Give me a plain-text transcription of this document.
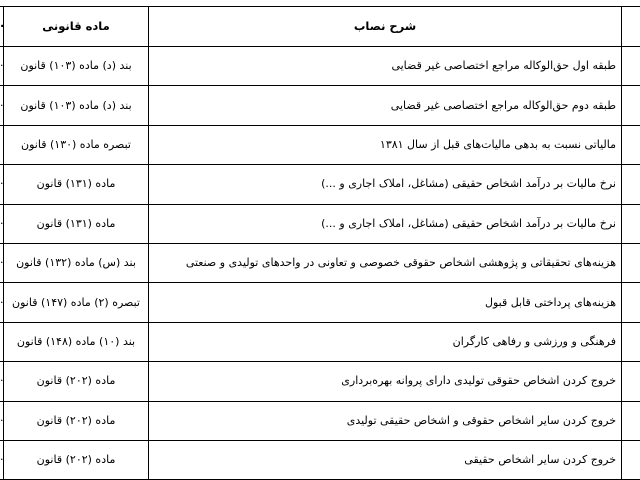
·	ماده قانونی	شرح نصاب
·	بند (د) ماده (۱۰۳) قانون	طبقه اول حق‌الوکاله مراجع اختصاصی غیر قضایی
·	بند (د) ماده (۱۰۳) قانون	طبقه دوم حق‌الوکاله مراجع اختصاصی غیر قضایی
تبصره ماده (۱۳۰) قانون	مالیاتی نسبت به بدهی مالیات‌های قبل از سال ۱۳۸۱
·	ماده (۱۳۱) قانون	نرخ مالیات بر درآمد اشخاص حقیقی (مشاغل، املاک اجاری و ...)
·	ماده (۱۳۱) قانون	نرخ مالیات بر درآمد اشخاص حقیقی (مشاغل، املاک اجاری و ...)
·	بند (س) ماده (۱۳۲) قانون	هزینه‌های تحقیقاتی و پژوهشی اشخاص حقوقی خصوصی و تعاونی در واحدهای تولیدی و صنعتی
· تبصره (۲) ماده (۱۴۷) قانون	هزینه‌های پرداختی قابل قبول
بند (۱۰) ماده (۱۴۸) قانون	فرهنگی و ورزشی و رفاهی کارگران
·	ماده (۲۰۲) قانون	خروج کردن اشخاص حقوقی تولیدی دارای پروانه بهره‌برداری
·	ماده (۲۰۲) قانون	خروج کردن سایر اشخاص حقوقی و اشخاص حقیقی تولیدی
·	ماده (۲۰۲) قانون	خروج کردن سایر اشخاص حقیقی
